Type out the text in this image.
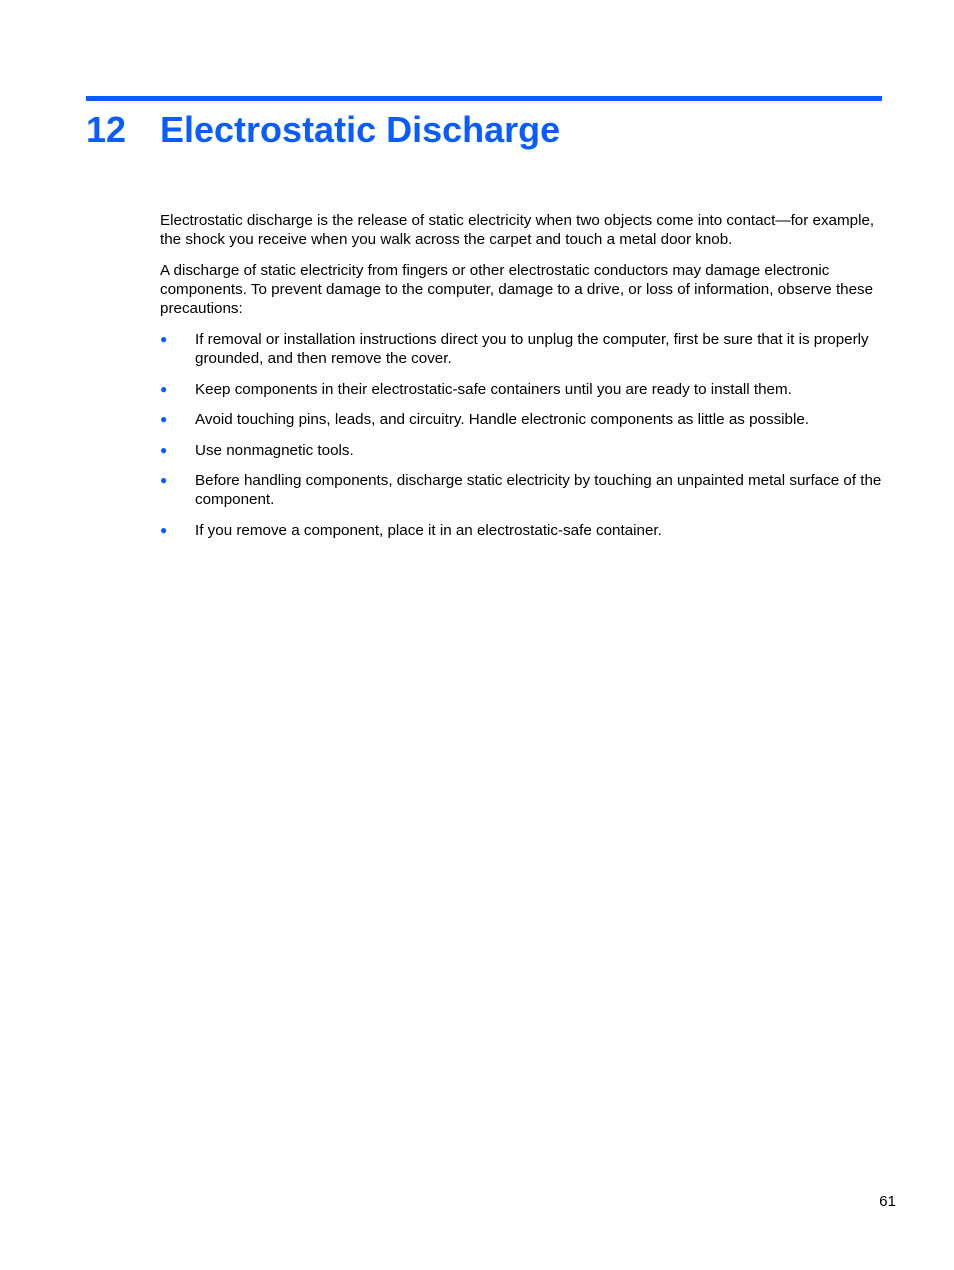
12 Electrostatic Discharge

Electrostatic discharge is the release of static electricity when two objects come into contact—for example, the shock you receive when you walk across the carpet and touch a metal door knob.

A discharge of static electricity from fingers or other electrostatic conductors may damage electronic components. To prevent damage to the computer, damage to a drive, or loss of information, observe these precautions:

● If removal or installation instructions direct you to unplug the computer, first be sure that it is properly grounded, and then remove the cover.
● Keep components in their electrostatic-safe containers until you are ready to install them.
● Avoid touching pins, leads, and circuitry. Handle electronic components as little as possible.
● Use nonmagnetic tools.
● Before handling components, discharge static electricity by touching an unpainted metal surface of the component.
● If you remove a component, place it in an electrostatic-safe container.
61
